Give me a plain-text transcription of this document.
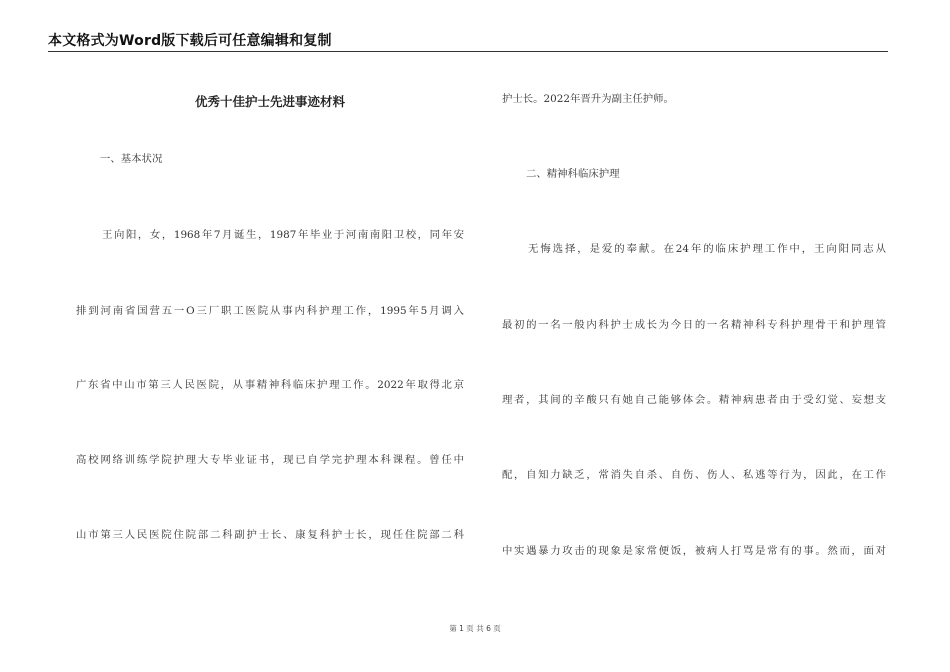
本文格式为Word版下载后可任意编辑和复制
优秀十佳护士先进事迹材料
一、基本状况
王向阳，女，1968年7月诞生，1987年毕业于河南南阳卫校，同年安
排到河南省国营五一O三厂职工医院从事内科护理工作，1995年5月调入
广东省中山市第三人民医院，从事精神科临床护理工作。2022年取得北京
高校网络训练学院护理大专毕业证书，现已自学完护理本科课程。曾任中
山市第三人民医院住院部二科副护士长、康复科护士长，现任住院部二科
护士长。2022年晋升为副主任护师。
二、精神科临床护理
无悔选择，是爱的奉献。在24年的临床护理工作中，王向阳同志从
最初的一名一般内科护士成长为今日的一名精神科专科护理骨干和护理管
理者，其间的辛酸只有她自己能够体会。精神病患者由于受幻觉、妄想支
配，自知力缺乏，常消失自杀、自伤、伤人、私逃等行为，因此，在工作
中实遇暴力攻击的现象是家常便饭，被病人打骂是常有的事。然而，面对
第 1 页 共 6 页
